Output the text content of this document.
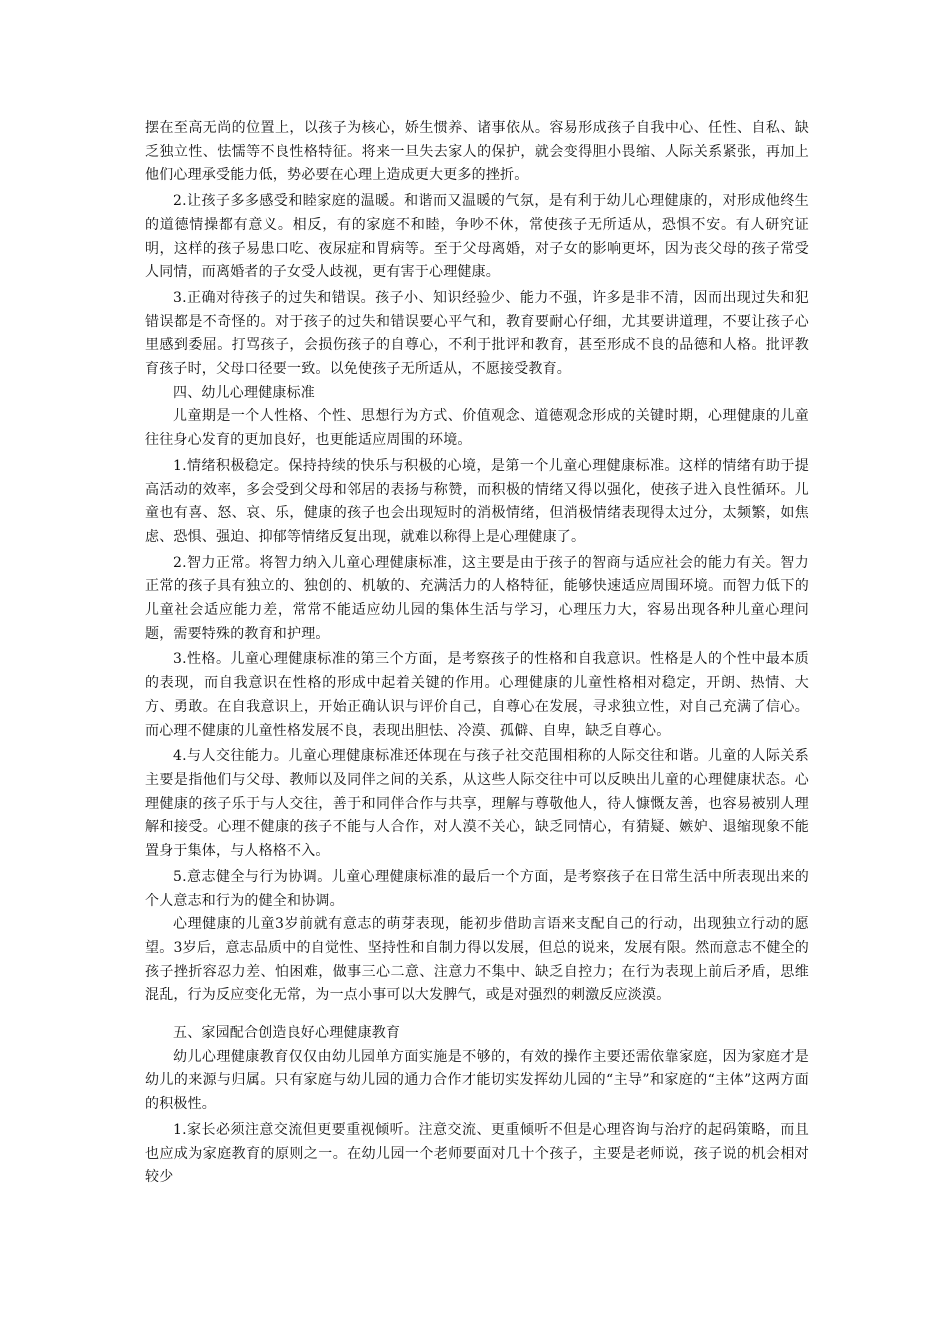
摆在至高无尚的位置上，以孩子为核心，娇生惯养、诸事依从。容易形成孩子自我中心、任性、自私、缺乏独立性、怯懦等不良性格特征。将来一旦失去家人的保护，就会变得胆小畏缩、人际关系紧张，再加上他们心理承受能力低，势必要在心理上造成更大更多的挫折。

2.让孩子多多感受和睦家庭的温暖。和谐而又温暖的气氛，是有利于幼儿心理健康的，对形成他终生的道德情操都有意义。相反，有的家庭不和睦，争吵不休，常使孩子无所适从，恐惧不安。有人研究证明，这样的孩子易患口吃、夜尿症和胃病等。至于父母离婚，对子女的影响更坏，因为丧父母的孩子常受人同情，而离婚者的子女受人歧视，更有害于心理健康。

3.正确对待孩子的过失和错误。孩子小、知识经验少、能力不强，许多是非不清，因而出现过失和犯错误都是不奇怪的。对于孩子的过失和错误要心平气和，教育要耐心仔细，尤其要讲道理，不要让孩子心里感到委屈。打骂孩子，会损伤孩子的自尊心，不利于批评和教育，甚至形成不良的品德和人格。批评教育孩子时，父母口径要一致。以免使孩子无所适从，不愿接受教育。

四、幼儿心理健康标准

儿童期是一个人性格、个性、思想行为方式、价值观念、道德观念形成的关键时期，心理健康的儿童往往身心发育的更加良好，也更能适应周围的环境。

1.情绪积极稳定。保持持续的快乐与积极的心境，是第一个儿童心理健康标准。这样的情绪有助于提高活动的效率，多会受到父母和邻居的表扬与称赞，而积极的情绪又得以强化，使孩子进入良性循环。儿童也有喜、怒、哀、乐，健康的孩子也会出现短时的消极情绪，但消极情绪表现得太过分，太频繁，如焦虑、恐惧、强迫、抑郁等情绪反复出现，就难以称得上是心理健康了。

2.智力正常。将智力纳入儿童心理健康标准，这主要是由于孩子的智商与适应社会的能力有关。智力正常的孩子具有独立的、独创的、机敏的、充满活力的人格特征，能够快速适应周围环境。而智力低下的儿童社会适应能力差，常常不能适应幼儿园的集体生活与学习，心理压力大，容易出现各种儿童心理问题，需要特殊的教育和护理。

3.性格。儿童心理健康标准的第三个方面，是考察孩子的性格和自我意识。性格是人的个性中最本质的表现，而自我意识在性格的形成中起着关键的作用。心理健康的儿童性格相对稳定，开朗、热情、大方、勇敢。在自我意识上，开始正确认识与评价自己，自尊心在发展，寻求独立性，对自己充满了信心。而心理不健康的儿童性格发展不良，表现出胆怯、冷漠、孤僻、自卑，缺乏自尊心。

4.与人交往能力。儿童心理健康标准还体现在与孩子社交范围相称的人际交往和谐。儿童的人际关系主要是指他们与父母、教师以及同伴之间的关系，从这些人际交往中可以反映出儿童的心理健康状态。心理健康的孩子乐于与人交往，善于和同伴合作与共享，理解与尊敬他人，待人慷慨友善，也容易被别人理解和接受。心理不健康的孩子不能与人合作，对人漠不关心，缺乏同情心，有猜疑、嫉妒、退缩现象不能置身于集体，与人格格不入。

5.意志健全与行为协调。儿童心理健康标准的最后一个方面，是考察孩子在日常生活中所表现出来的个人意志和行为的健全和协调。

心理健康的儿童3岁前就有意志的萌芽表现，能初步借助言语来支配自己的行动，出现独立行动的愿望。3岁后，意志品质中的自觉性、坚持性和自制力得以发展，但总的说来，发展有限。然而意志不健全的孩子挫折容忍力差、怕困难，做事三心二意、注意力不集中、缺乏自控力；在行为表现上前后矛盾，思维混乱，行为反应变化无常，为一点小事可以大发脾气，或是对强烈的刺激反应淡漠。

五、家园配合创造良好心理健康教育

幼儿心理健康教育仅仅由幼儿园单方面实施是不够的，有效的操作主要还需依靠家庭，因为家庭才是幼儿的来源与归属。只有家庭与幼儿园的通力合作才能切实发挥幼儿园的“主导”和家庭的“主体”这两方面的积极性。

1.家长必须注意交流但更要重视倾听。注意交流、更重倾听不但是心理咨询与治疗的起码策略，而且也应成为家庭教育的原则之一。在幼儿园一个老师要面对几十个孩子，主要是老师说，孩子说的机会相对较少
